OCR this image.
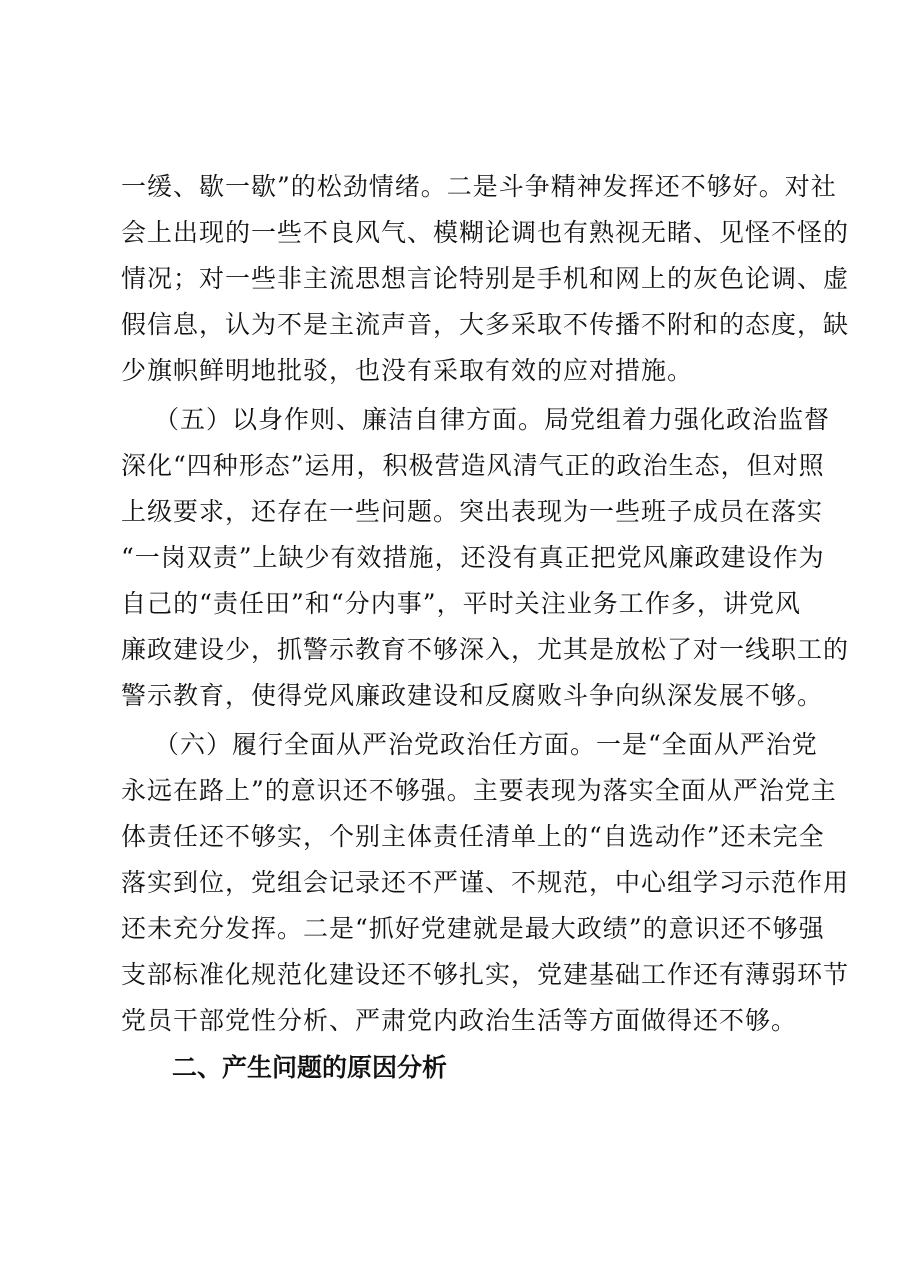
一缓、歇一歇”的松劲情绪。二是斗争精神发挥还不够好。对社
会上出现的一些不良风气、模糊论调也有熟视无睹、见怪不怪的
情况；对一些非主流思想言论特别是手机和网上的灰色论调、虚
假信息，认为不是主流声音，大多采取不传播不附和的态度，缺
少旗帜鲜明地批驳，也没有采取有效的应对措施。
（五）以身作则、廉洁自律方面。局党组着力强化政治监督
深化“四种形态”运用，积极营造风清气正的政治生态，但对照
上级要求，还存在一些问题。突出表现为一些班子成员在落实
“一岗双责”上缺少有效措施，还没有真正把党风廉政建设作为
自己的“责任田”和“分内事”，平时关注业务工作多，讲党风
廉政建设少，抓警示教育不够深入，尤其是放松了对一线职工的
警示教育，使得党风廉政建设和反腐败斗争向纵深发展不够。
（六）履行全面从严治党政治任方面。一是“全面从严治党
永远在路上”的意识还不够强。主要表现为落实全面从严治党主
体责任还不够实，个别主体责任清单上的“自选动作”还未完全
落实到位，党组会记录还不严谨、不规范，中心组学习示范作用
还未充分发挥。二是“抓好党建就是最大政绩”的意识还不够强
支部标准化规范化建设还不够扎实，党建基础工作还有薄弱环节
党员干部党性分析、严肃党内政治生活等方面做得还不够。
二、产生问题的原因分析
